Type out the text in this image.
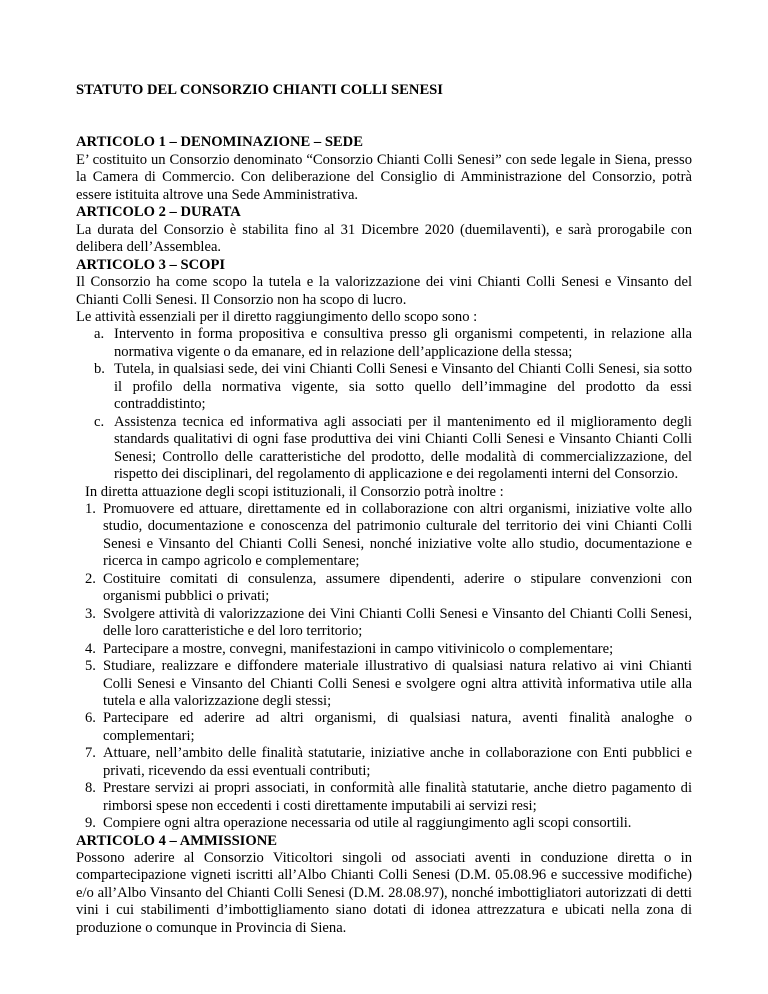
STATUTO DEL CONSORZIO CHIANTI COLLI SENESI
ARTICOLO 1 – DENOMINAZIONE – SEDE
E’ costituito un Consorzio denominato “Consorzio Chianti Colli Senesi” con sede legale in Siena, presso la Camera di Commercio. Con deliberazione del Consiglio di Amministrazione del Consorzio, potrà essere istituita altrove una Sede Amministrativa.
ARTICOLO 2 – DURATA
La durata del Consorzio è stabilita fino al 31 Dicembre 2020 (duemilaventi), e sarà prorogabile con delibera dell’Assemblea.
ARTICOLO 3 – SCOPI
Il Consorzio ha come scopo la tutela e la valorizzazione dei vini Chianti Colli Senesi e Vinsanto del Chianti Colli Senesi. Il Consorzio non ha scopo di lucro.
Le attività essenziali per il diretto raggiungimento dello scopo sono :
a. Intervento in forma propositiva e consultiva presso gli organismi competenti, in relazione alla normativa vigente o da emanare, ed in relazione dell’applicazione della stessa;
b. Tutela, in qualsiasi sede, dei vini Chianti Colli Senesi e Vinsanto del Chianti Colli Senesi, sia sotto il profilo della normativa vigente, sia sotto quello dell’immagine del prodotto da essi contraddistinto;
c. Assistenza tecnica ed informativa agli associati per il mantenimento ed il miglioramento degli standards qualitativi di ogni fase produttiva dei vini Chianti Colli Senesi e Vinsanto Chianti Colli Senesi; Controllo delle caratteristiche del prodotto, delle modalità di commercializzazione, del rispetto dei disciplinari, del regolamento di applicazione e dei regolamenti interni del Consorzio.
In diretta attuazione degli scopi istituzionali, il Consorzio potrà inoltre :
1. Promuovere ed attuare, direttamente ed in collaborazione con altri organismi, iniziative volte allo studio, documentazione e conoscenza del patrimonio culturale del territorio dei vini Chianti Colli Senesi e Vinsanto del Chianti Colli Senesi, nonché iniziative volte allo studio, documentazione e ricerca in campo agricolo e complementare;
2. Costituire comitati di consulenza, assumere dipendenti, aderire o stipulare convenzioni con organismi pubblici o privati;
3. Svolgere attività di valorizzazione dei Vini Chianti Colli Senesi e Vinsanto del Chianti Colli Senesi, delle loro caratteristiche e del loro territorio;
4. Partecipare a mostre, convegni, manifestazioni in campo vitivinicolo o complementare;
5. Studiare, realizzare e diffondere materiale illustrativo di qualsiasi natura relativo ai vini Chianti Colli Senesi e Vinsanto del Chianti Colli Senesi e svolgere ogni altra attività informativa utile alla tutela e alla valorizzazione degli stessi;
6. Partecipare ed aderire ad altri organismi, di qualsiasi natura, aventi finalità analoghe o complementari;
7. Attuare, nell’ambito delle finalità statutarie, iniziative anche in collaborazione con Enti pubblici e privati, ricevendo da essi eventuali contributi;
8. Prestare servizi ai propri associati, in conformità alle finalità statutarie, anche dietro pagamento di rimborsi spese non eccedenti i costi direttamente imputabili ai servizi resi;
9. Compiere ogni altra operazione necessaria od utile al raggiungimento agli scopi consortili.
ARTICOLO 4 – AMMISSIONE
Possono aderire al Consorzio Viticoltori singoli od associati aventi in conduzione diretta o in compartecipazione vigneti iscritti all’Albo Chianti Colli Senesi (D.M. 05.08.96 e successive modifiche) e/o all’Albo Vinsanto del Chianti Colli Senesi (D.M. 28.08.97), nonché imbottigliatori autorizzati di detti vini i cui stabilimenti d’imbottigliamento siano dotati di idonea attrezzatura e ubicati nella zona di produzione o comunque in Provincia di Siena.
